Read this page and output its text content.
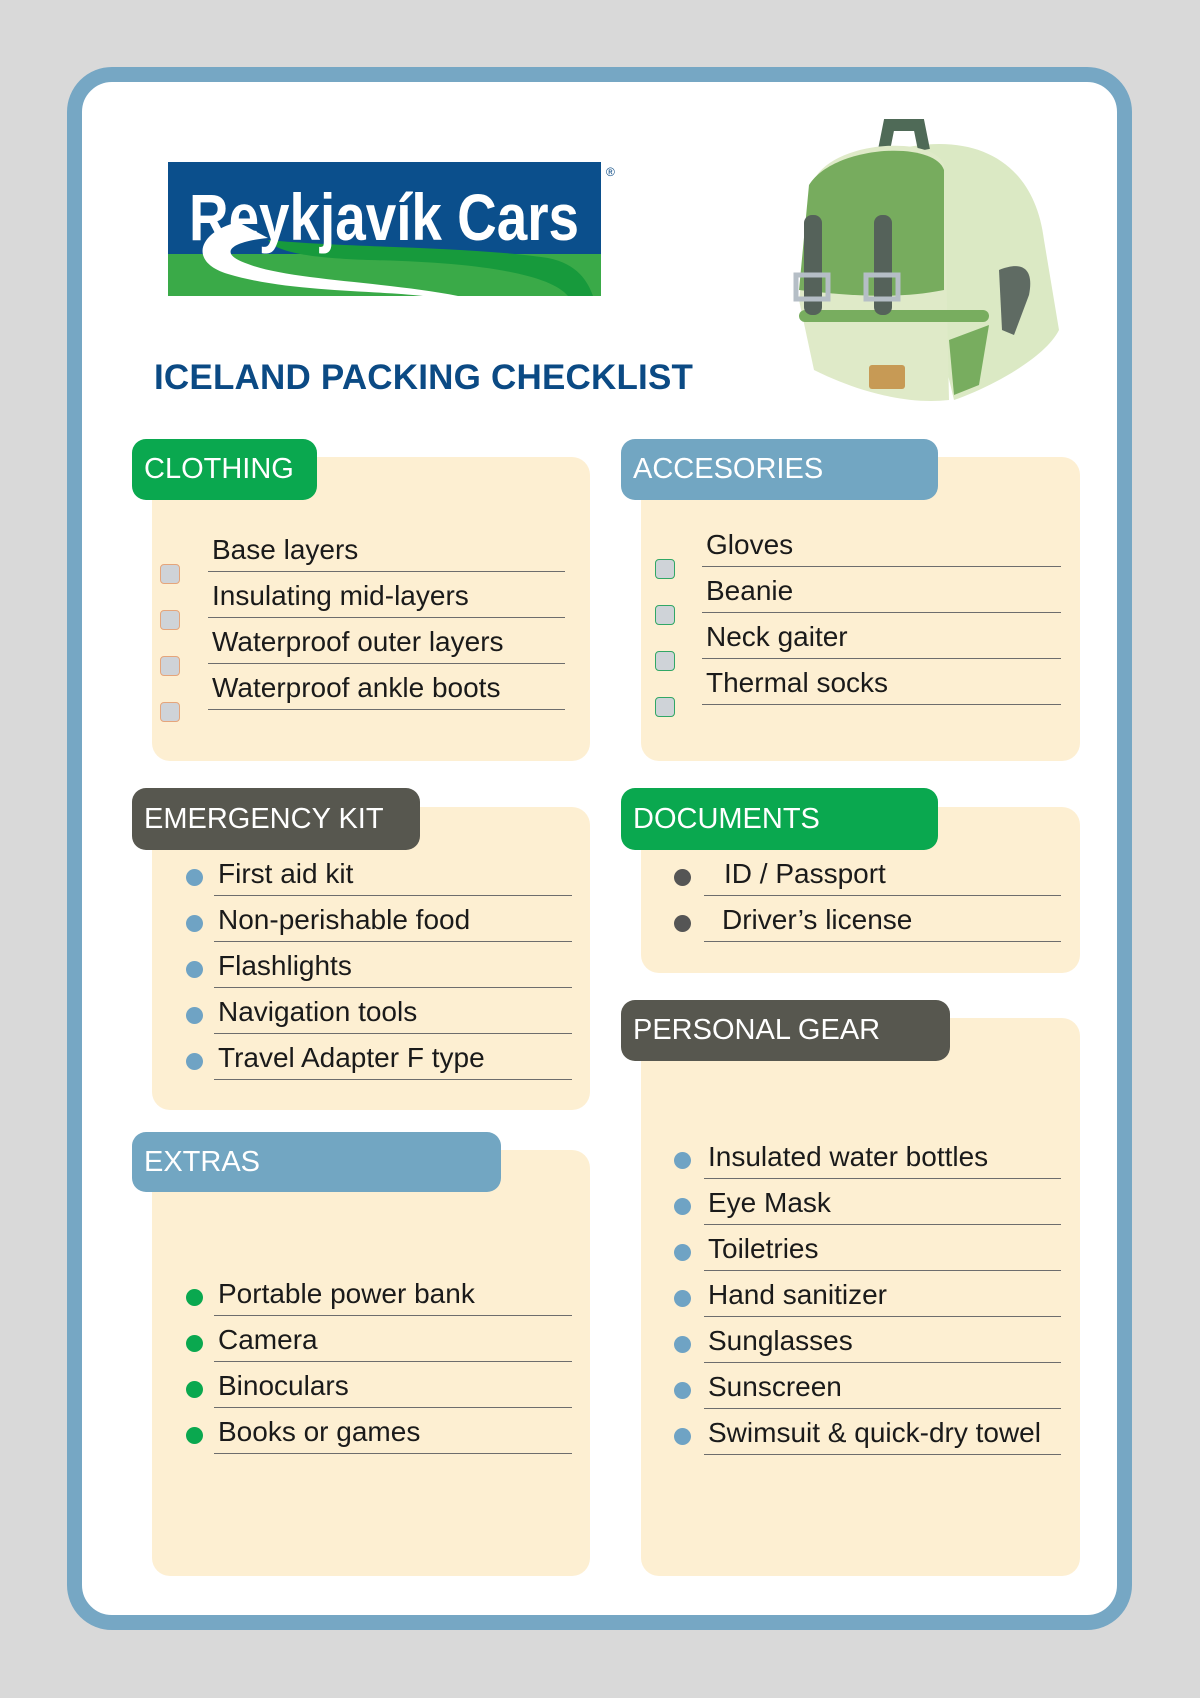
Reykjavík Cars
®
ICELAND PACKING CHECKLIST
CLOTHING
Base layers
Insulating mid-layers
Waterproof outer layers
Waterproof ankle boots
ACCESORIES
Gloves
Beanie
Neck gaiter
Thermal socks
EMERGENCY KIT
First aid kit
Non-perishable food
Flashlights
Navigation tools
Travel Adapter F type
DOCUMENTS
ID / Passport
Driver’s license
PERSONAL GEAR
Insulated water bottles
Eye Mask
Toiletries
Hand sanitizer
Sunglasses
Sunscreen
Swimsuit & quick-dry towel
EXTRAS
Portable power bank
Camera
Binoculars
Books or games
